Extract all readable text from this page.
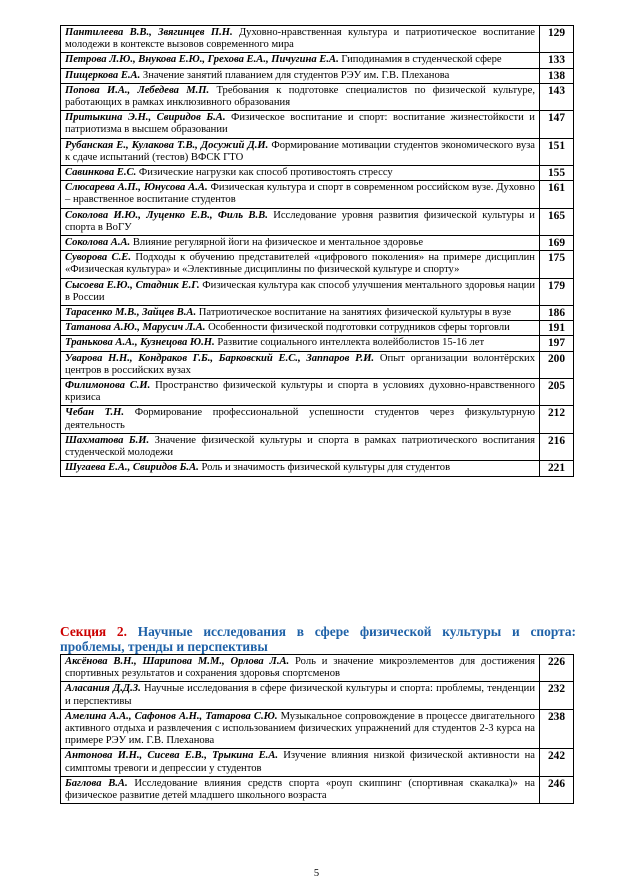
Пантилеева В.В., Звягинцев П.Н. Духовно-нравственная культура и патриотическое воспитание молодежи в контексте вызовов современного мира	129
Петрова Л.Ю., Внукова Е.Ю., Грехова Е.А., Пичугина Е.А. Гиподинамия в студенческой сфере	133
Пищеркова Е.А. Значение занятий плаванием для студентов РЭУ им. Г.В. Плеханова	138
Попова И.А., Лебедева М.П. Требования к подготовке специалистов по физической культуре, работающих в рамках инклюзивного образования	143
Притыкина Э.Н., Свиридов Б.А. Физическое воспитание и спорт: воспитание жизнестойкости и патриотизма в высшем образовании	147
Рубанская Е., Кулакова Т.В., Досужий Д.И. Формирование мотивации студентов экономического вуза к сдаче испытаний (тестов) ВФСК ГТО	151
Савинкова Е.С. Физические нагрузки как способ противостоять стрессу	155
Слюсарева А.П., Юнусова А.А. Физическая культура и спорт в современном российском вузе. Духовно – нравственное воспитание студентов	161
Соколова И.Ю., Луценко Е.В., Филь В.В. Исследование уровня развития физической культуры и спорта в ВоГУ	165
Соколова А.А. Влияние регулярной йоги на физическое и ментальное здоровье	169
Суворова С.Е. Подходы к обучению представителей «цифрового поколения» на примере дисциплин «Физическая культура» и «Элективные дисциплины по физической культуре и спорту»	175
Сысоева Е.Ю., Стадник Е.Г. Физическая культура как способ улучшения ментального здоровья нации в России	179
Тарасенко М.В., Зайцев В.А. Патриотическое воспитание на занятиях физической культуры в вузе	186
Татанова А.Ю., Марусич Л.А. Особенности физической подготовки сотрудников сферы торговли	191
Транькова А.А., Кузнецова Ю.Н. Развитие социального интеллекта волейболистов 15-16 лет	197
Уварова Н.Н., Кондраков Г.Б., Барковский Е.С., Заппаров Р.И. Опыт организации волонтёрских центров в российских вузах	200
Филимонова С.И. Пространство физической культуры и спорта в условиях духовно-нравственного кризиса	205
Чебан Т.Н. Формирование профессиональной успешности студентов через физкультурную деятельность	212
Шахматова Б.И. Значение физической культуры и спорта в рамках патриотического воспитания студенческой молодежи	216
Шугаева Е.А., Свиридов Б.А. Роль и значимость физической культуры для студентов	221
Секция 2. Научные исследования в сфере физической культуры и спорта: проблемы, тренды и перспективы
Аксёнова В.Н., Шарипова М.М., Орлова Л.А. Роль и значение микроэлементов для достижения спортивных результатов и сохранения здоровья спортсменов	226
Аласания Д.Д.З. Научные исследования в сфере физической культуры и спорта: проблемы, тенденции и перспективы	232
Амелина А.А., Сафонов А.Н., Татарова С.Ю. Музыкальное сопровождение в процессе двигательного активного отдыха и развлечения с использованием физических упражнений для студентов 2-3 курса на примере РЭУ им. Г.В. Плеханова	238
Антонова И.Н., Сисева Е.В., Трыкина Е.А. Изучение влияния низкой физической активности на симптомы тревоги и депрессии у студентов	242
Баглова В.А. Исследование влияния средств спорта «роуп скиппинг (спортивная скакалка)» на физическое развитие детей младшего школьного возраста	246
5
